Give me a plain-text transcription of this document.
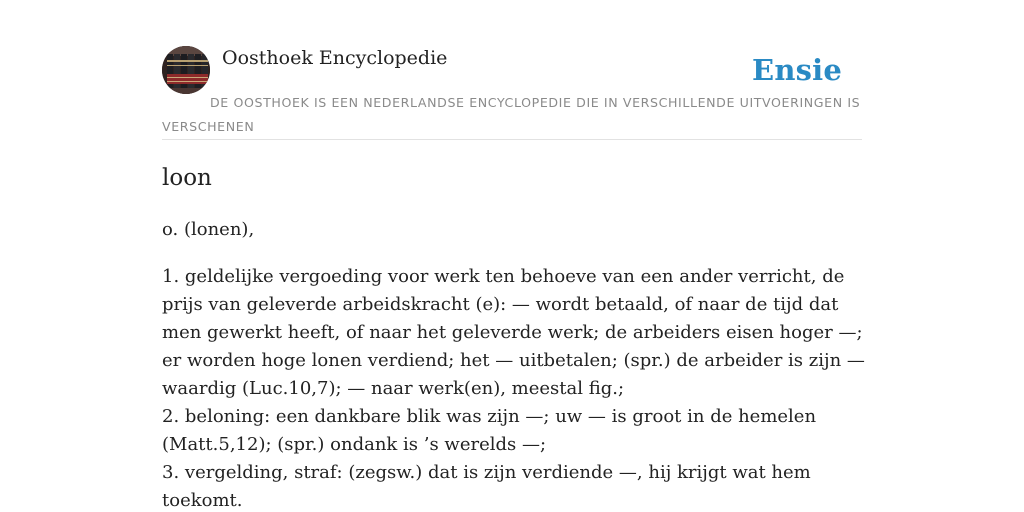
Oosthoek Encyclopedie	Ensie
DE OOSTHOEK IS EEN NEDERLANDSE ENCYCLOPEDIE DIE IN VERSCHILLENDE UITVOERINGEN IS VERSCHENEN
loon

o. (lonen),

1. geldelijke vergoeding voor werk ten behoeve van een ander verricht, de prijs van geleverde arbeidskracht (e): — wordt betaald, of naar de tijd dat men gewerkt heeft, of naar het geleverde werk; de arbeiders eisen hoger —; er worden hoge lonen verdiend; het — uitbetalen; (spr.) de arbeider is zijn — waardig (Luc.10,7); — naar werk(en), meestal fig.;
2. beloning: een dankbare blik was zijn —; uw — is groot in de hemelen (Matt.5,12); (spr.) ondank is ’s werelds —;
3. vergelding, straf: (zegsw.) dat is zijn verdiende —, hij krijgt wat hem toekomt.
